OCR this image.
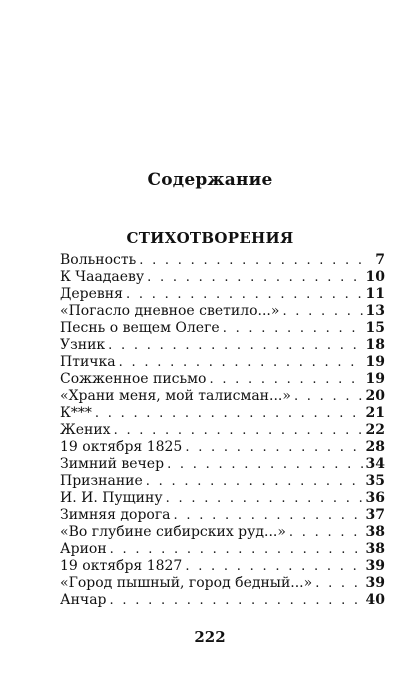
Содержание
СТИХОТВОРЕНИЯ
Вольность . . .	7
К Чаадаеву . . .	10
Деревня . . .	11
«Погасло дневное светило...» . . .	13
Песнь о вещем Олеге . . .	15
Узник . . .	18
Птичка . . .	19
Сожженное письмо . . .	19
«Храни меня, мой талисман...» . . .	20
К*** . . .	21
Жених . . .	22
19 октября 1825 . . .	28
Зимний вечер . . .	34
Признание . . .	35
И. И. Пущину . . .	36
Зимняя дорога . . .	37
«Во глубине сибирских руд...» . . .	38
Арион . . .	38
19 октября 1827 . . .	39
«Город пышный, город бедный...» . . .	39
Анчар . . .	40
222
